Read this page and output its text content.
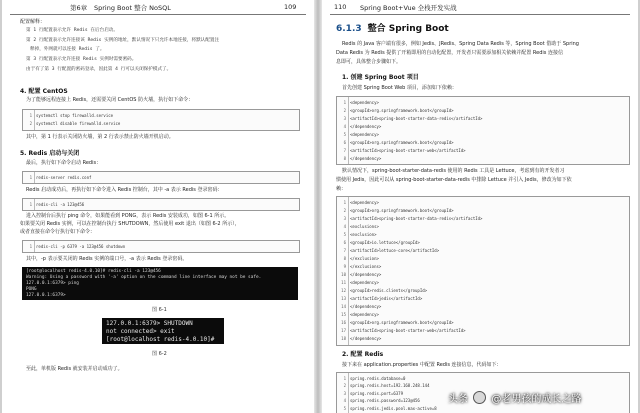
第6章 Spring Boot 整合 NoSQL	109
配置解释：
第 1 行配置表示允许 Redis 在后台启动。
第 2 行配置表示允许连接该 Redis 实例的地址，默认情况下只允许本地连接，将默认配置注
释掉，外网就可以连接 Redis 了。
第 3 行配置表示允许连接 Redis 实例时需要密码。
由于有了第 3 行配置的密码登录，因此第 4 行可以关闭保护模式了。
4. 配置 CentOS
为了能够远程连接上 Redis，还需要关闭 CentOS 防火墙，执行如下命令：
1 systemctl stop firewalld.service
2 systemctl disable firewalld.service
其中，第 1 行表示关闭防火墙，第 2 行表示禁止防火墙开机启动。
5. Redis 启动与关闭
最后，执行如下命令启动 Redis：
1 redis-server redis.conf
Redis 启动成功后，再执行如下命令进入 Redis 控制台，其中 -a 表示 Redis 登录密码：
1 redis-cli -a 123@456
进入控制台后执行 ping 命令，如果能看到 PONG，表示 Redis 安装成功，如图 6-1 所示。
如果要关闭 Redis 实例，可以在控制台执行 SHUTDOWN，然后使用 exit 退出（如图 6-2 所示），
或者直接在命令行执行如下命令：
1 redis-cli -p 6379 -a 123@456 shutdown
其中，-p 表示要关闭的 Redis 实例的端口号，-a 表示 Redis 登录密码。
[root@localhost redis-4.0.10]# redis-cli -a 123@456
Warning: Using a password with '-a' option on the command line interface may not be safe.
127.0.0.1:6379> ping
PONG
127.0.0.1:6379>
图 6-1
127.0.0.1:6379> SHUTDOWN
not connected> exit
[root@localhost redis-4.0.10]#
图 6-2
至此，单机版 Redis 就安装并启动成功了。
110 Spring Boot+Vue 全栈开发实战
6.1.3 整合 Spring Boot
Redis 的 Java 客户端有很多，例如 Jedis、JRedis、Spring Data Redis 等，Spring Boot 借助于 Spring
Data Redis 为 Redis 提供了开箱即用的自动化配置，开发者只需要添加相关依赖并配置 Redis 连接信
息即可，具体整合步骤如下。
1. 创建 Spring Boot 项目
首先创建 Spring Boot Web 项目，添加如下依赖：
1 <dependency>
2 <groupId>org.springframework.boot</groupId>
3 <artifactId>spring-boot-starter-data-redis</artifactId>
4 </dependency>
5 <dependency>
6 <groupId>org.springframework.boot</groupId>
7 <artifactId>spring-boot-starter-web</artifactId>
8 </dependency>
默认情况下，spring-boot-starter-data-redis 使用的 Redis 工具是 Lettuce，考虑到有的开发者习
惯使用 Jedis，因此可以从 spring-boot-starter-data-redis 中排除 Lettuce 并引入 Jedis，修改为如下依
赖：
1 <dependency>
2 <groupId>org.springframework.boot</groupId>
3 <artifactId>spring-boot-starter-data-redis</artifactId>
4 <exclusions>
5 <exclusion>
6 <groupId>io.lettuce</groupId>
7 <artifactId>lettuce-core</artifactId>
8 </exclusion>
9 </exclusions>
10 </dependency>
11 <dependency>
12 <groupId>redis.clients</groupId>
13 <artifactId>jedis</artifactId>
14 </dependency>
15 <dependency>
16 <groupId>org.springframework.boot</groupId>
17 <artifactId>spring-boot-starter-web</artifactId>
18 </dependency>
2. 配置 Redis
接下来在 application.properties 中配置 Redis 连接信息，代码如下：
1 spring.redis.database=0
2 spring.redis.host=192.168.248.144
3 spring.redis.port=6379
4 spring.redis.password=123@456
5 spring.redis.jedis.pool.max-active=8
头条 @老男孩的成长之路
